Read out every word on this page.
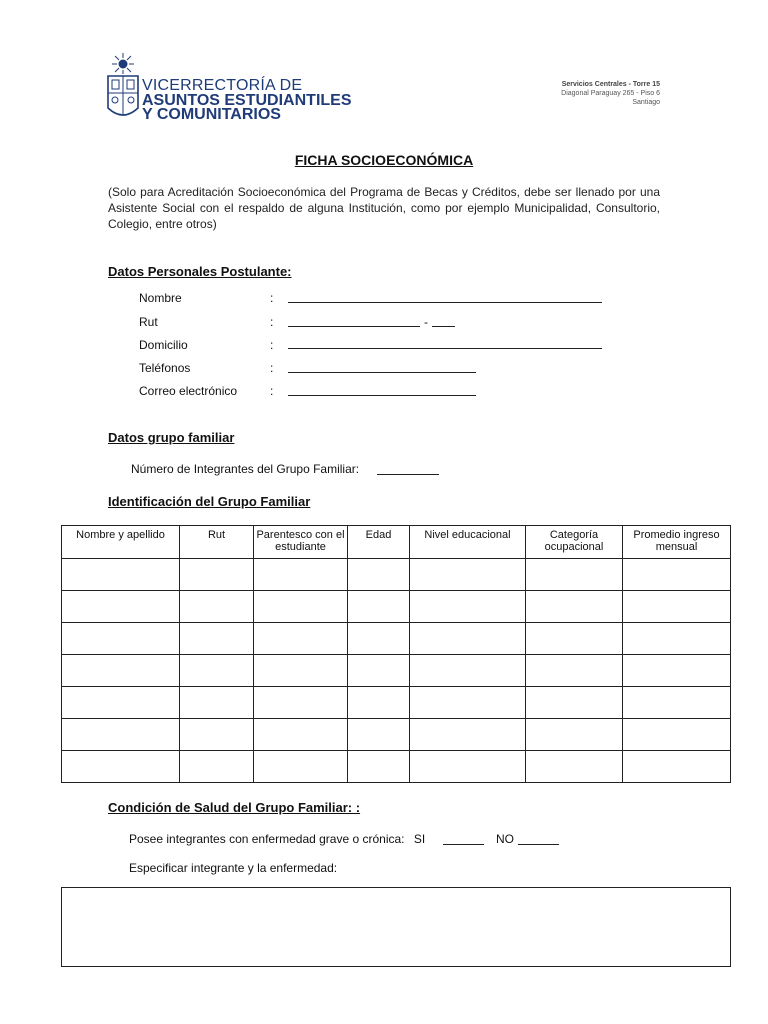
VICERRECTORÍA DE
ASUNTOS ESTUDIANTILES
Y COMUNITARIOS
Servicios Centrales - Torre 15
Diagonal Paraguay 265 - Piso 6
Santiago
FICHA SOCIOECONÓMICA
(Solo para Acreditación Socioeconómica del Programa de Becas y Créditos, debe ser llenado por una Asistente Social con el respaldo de alguna Institución, como por ejemplo Municipalidad, Consultorio, Colegio, entre otros)
Datos Personales Postulante:
Nombre	:
Rut	:	-
Domicilio	:
Teléfonos	:
Correo electrónico	:
Datos grupo familiar
Número de Integrantes del Grupo Familiar:
Identificación del Grupo Familiar
Nombre y apellido	Rut	Parentesco con el estudiante	Edad	Nivel educacional	Categoría ocupacional	Promedio ingreso mensual

Condición de Salud del Grupo Familiar: :
Posee integrantes con enfermedad grave o crónica: SI	NO
Especificar integrante y la enfermedad:
